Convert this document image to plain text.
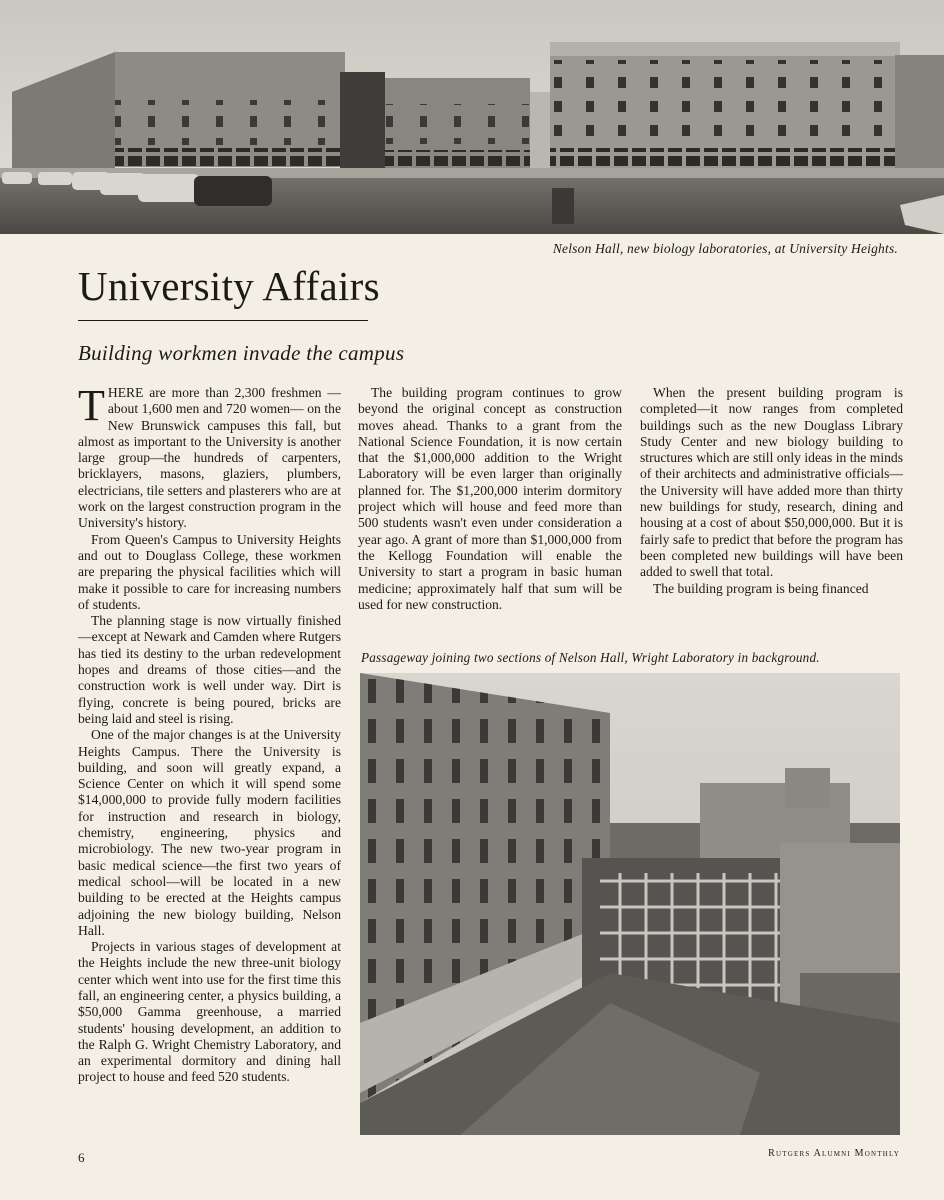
Nelson Hall, new biology laboratories, at University Heights.
University Affairs
Building workmen invade the campus

THERE are more than 2,300 freshmen —about 1,600 men and 720 women— on the New Brunswick campuses this fall, but almost as important to the University is another large group—the hundreds of carpenters, bricklayers, masons, glaziers, plumbers, electricians, tile setters and plasterers who are at work on the largest construction program in the University's history.

From Queen's Campus to University Heights and out to Douglass College, these workmen are preparing the physical facilities which will make it possible to care for increasing numbers of students.

The planning stage is now virtually finished—except at Newark and Camden where Rutgers has tied its destiny to the urban redevelopment hopes and dreams of those cities—and the construction work is well under way. Dirt is flying, concrete is being poured, bricks are being laid and steel is rising.

One of the major changes is at the University Heights Campus. There the University is building, and soon will greatly expand, a Science Center on which it will spend some $14,000,000 to provide fully modern facilities for instruction and research in biology, chemistry, engineering, physics and microbiology. The new two-year program in basic medical science—the first two years of medical school—will be located in a new building to be erected at the Heights campus adjoining the new biology building, Nelson Hall.

Projects in various stages of development at the Heights include the new three-unit biology center which went into use for the first time this fall, an engineering center, a physics building, a $50,000 Gamma greenhouse, a married students' housing development, an addition to the Ralph G. Wright Chemistry Laboratory, and an experimental dormitory and dining hall project to house and feed 520 students.

The building program continues to grow beyond the original concept as construction moves ahead. Thanks to a grant from the National Science Foundation, it is now certain that the $1,000,000 addition to the Wright Laboratory will be even larger than originally planned for. The $1,200,000 interim dormitory project which will house and feed more than 500 students wasn't even under consideration a year ago. A grant of more than $1,000,000 from the Kellogg Foundation will enable the University to start a program in basic human medicine; approximately half that sum will be used for new construction.

When the present building program is completed—it now ranges from completed buildings such as the new Douglass Library Study Center and new biology building to structures which are still only ideas in the minds of their architects and administrative officials—the University will have added more than thirty new buildings for study, research, dining and housing at a cost of about $50,000,000. But it is fairly safe to predict that before the program has been completed new buildings will have been added to swell that total.

The building program is being financed

Passageway joining two sections of Nelson Hall, Wright Laboratory in background.
6	Rutgers Alumni Monthly
